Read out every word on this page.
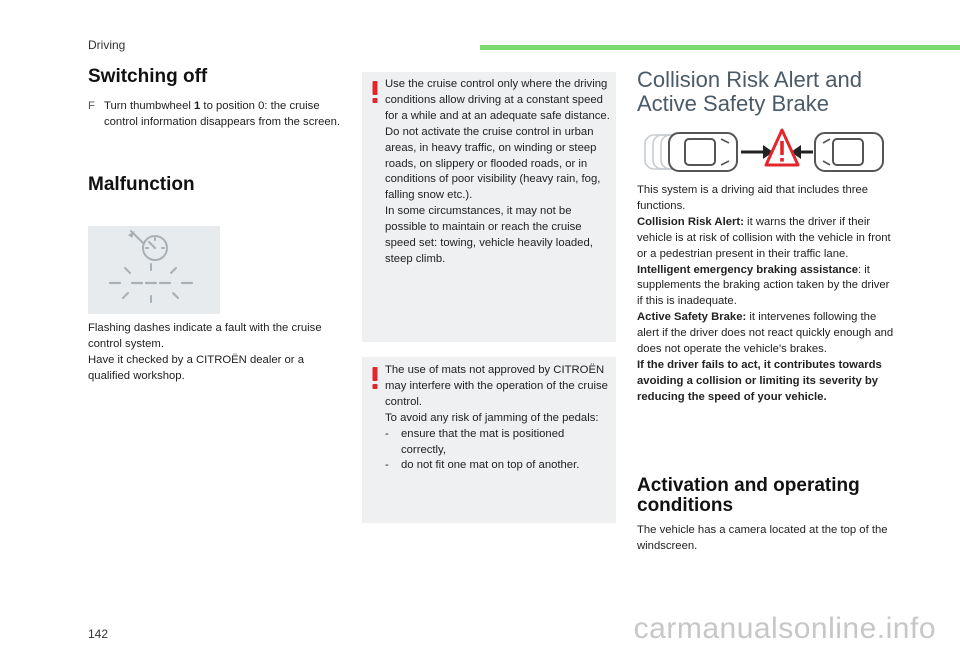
Driving
Switching off
F Turn thumbwheel 1 to position 0: the cruise control information disappears from the screen.
Malfunction

Flashing dashes indicate a fault with the cruise control system.

Have it checked by a CITROËN dealer or a qualified workshop.

Use the cruise control only where the driving conditions allow driving at a constant speed for a while and at an adequate safe distance.

Do not activate the cruise control in urban areas, in heavy traffic, on winding or steep roads, on slippery or flooded roads, or in conditions of poor visibility (heavy rain, fog, falling snow etc.).

In some circumstances, it may not be possible to maintain or reach the cruise speed set: towing, vehicle heavily loaded, steep climb.

The use of mats not approved by CITROËN may interfere with the operation of the cruise control.

To avoid any risk of jamming of the pedals:

-	ensure that the mat is positioned correctly,
-	do not fit one mat on top of another.
Collision Risk Alert and
Active Safety Brake

This system is a driving aid that includes three functions.

Collision Risk Alert: it warns the driver if their vehicle is at risk of collision with the vehicle in front or a pedestrian present in their traffic lane.

Intelligent emergency braking assistance: it supplements the braking action taken by the driver if this is inadequate.

Active Safety Brake: it intervenes following the alert if the driver does not react quickly enough and does not operate the vehicle's brakes.

If the driver fails to act, it contributes towards avoiding a collision or limiting its severity by reducing the speed of your vehicle.

Activation and operating
conditions

The vehicle has a camera located at the top of the windscreen.

142	carmanualsonline.info
